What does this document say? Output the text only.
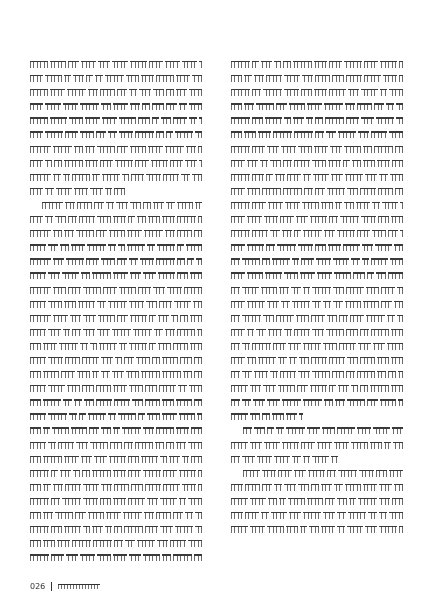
026
